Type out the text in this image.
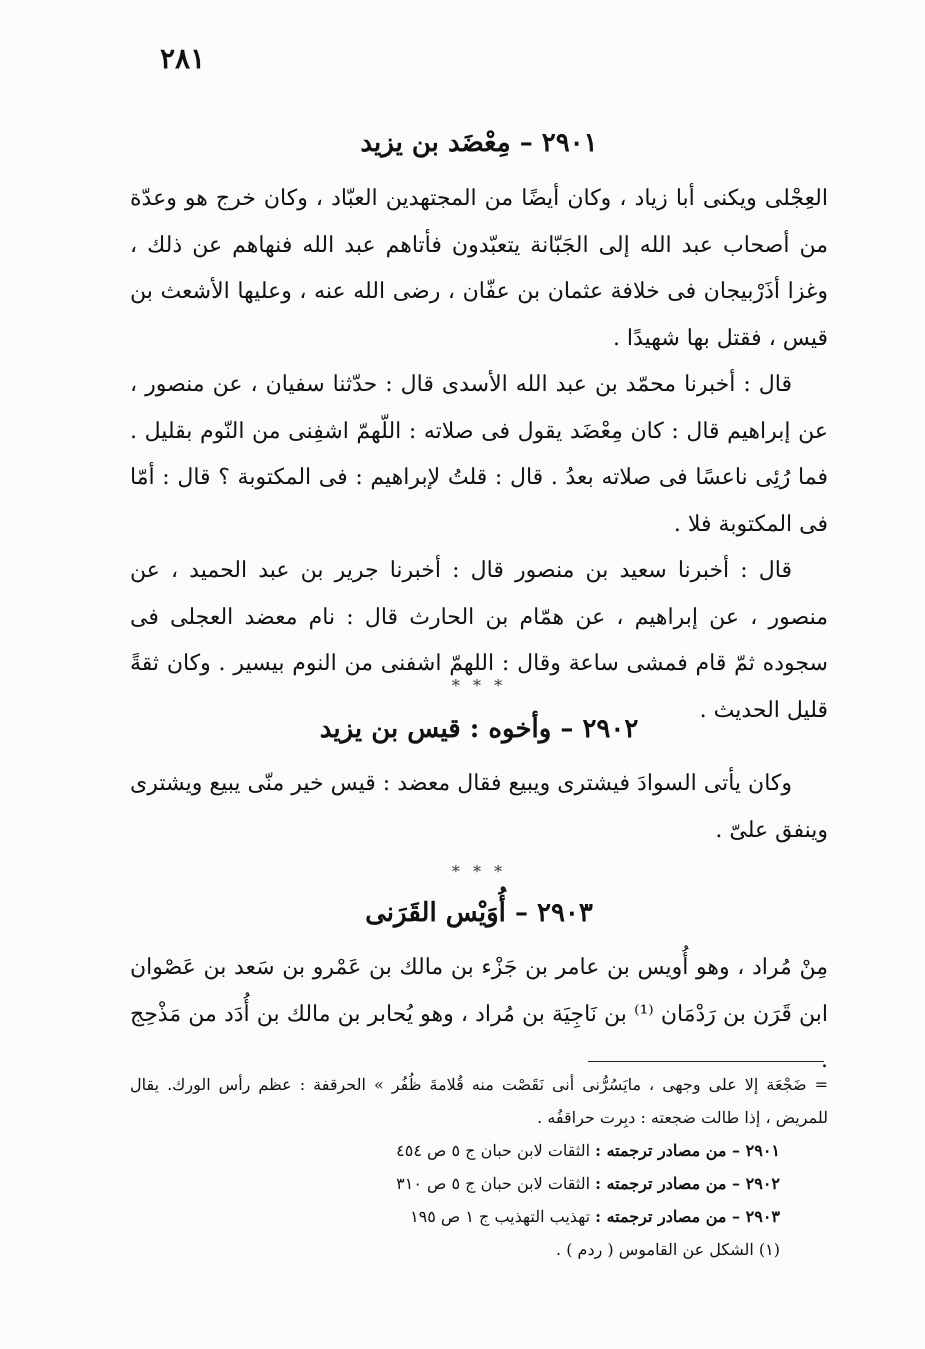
٢٨١
٢٩٠١ – مِعْضَد بن يزيد

العِجْلى ويكنى أبا زياد ، وكان أيضًا من المجتهدين العبّاد ، وكان خرج هو وعدّة من أصحاب عبد الله إلى الجَبّانة يتعبّدون فأتاهم عبد الله فنهاهم عن ذلك ، وغزا أذَرْبيجان فى خلافة عثمان بن عفّان ، رضى الله عنه ، وعليها الأشعث بن قيس ، فقتل بها شهيدًا .

قال : أخبرنا محمّد بن عبد الله الأسدى قال : حدّثنا سفيان ، عن منصور ، عن إبراهيم قال : كان مِعْضَد يقول فى صلاته : اللّهمّ اشفِنى من النّوم بقليل . فما رُئِى ناعسًا فى صلاته بعدُ . قال : قلتُ لإبراهيم : فى المكتوبة ؟ قال : أمّا فى المكتوبة فلا .

قال : أخبرنا سعيد بن منصور قال : أخبرنا جرير بن عبد الحميد ، عن منصور ، عن إبراهيم ، عن همّام بن الحارث قال : نام معضد العجلى فى سجوده ثمّ قام فمشى ساعة وقال : اللهمّ اشفنى من النوم بيسير . وكان ثقةً قليل الحديث .

* * *
٢٩٠٢ – وأخوه : قيس بن يزيد

وكان يأتى السوادَ فيشترى ويبيع فقال معضد : قيس خير منّى يبيع ويشترى وينفق علىّ .

* * *
٢٩٠٣ – أُوَيْس القَرَنى

مِنْ مُراد ، وهو أُويس بن عامر بن جَزْء بن مالك بن عَمْرو بن سَعد بن عَصْوان ابن قَرَن بن رَدْمَان ⁽¹⁾ بن نَاجِيَة بن مُراد ، وهو يُحابر بن مالك بن أُدَد من مَذْحِج .

= ضَجْعَة إلا على وجهى ، مايَسُرُّنى أنى نَقَصْت منه قُلامةَ ظُفُر » الحرقفة : عظم رأس الورك. يقال للمريض ، إذا طالت ضجعته : دبِرت حراقفُه .

٢٩٠١ – من مصادر ترجمته : الثقات لابن حبان ج ٥ ص ٤٥٤

٢٩٠٢ – من مصادر ترجمته : الثقات لابن حبان ج ٥ ص ٣١٠

٢٩٠٣ – من مصادر ترجمته : تهذيب التهذيب ج ١ ص ١٩٥

(١) الشكل عن القاموس ( ردم ) .
